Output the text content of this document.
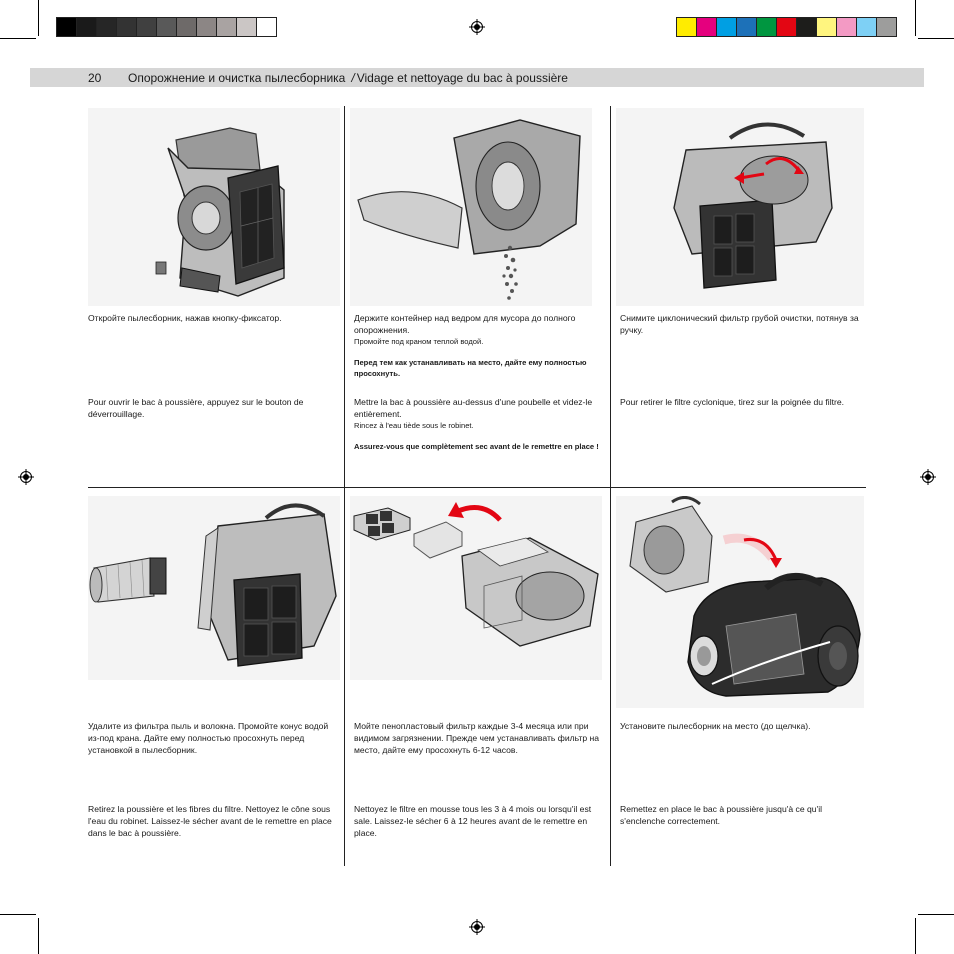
20 Опорожнение и очистка пылесборника / Vidage et nettoyage du bac à poussière

Откройте пылесборник, нажав кнопку-фиксатор.

Pour ouvrir le bac à poussière, appuyez sur le bouton de déverrouillage.

Держите контейнер над ведром для мусора до полного опорожнения.

Промойте под краном теплой водой.

Перед тем как устанавливать на место, дайте ему полностью просохнуть.

Mettre la bac à poussière au-dessus d'une poubelle et videz-le entièrement.

Rincez à l'eau tiède sous le robinet.

Assurez-vous que complètement sec avant de le remettre en place !

Снимите циклонический фильтр грубой очистки, потянув за ручку.

Pour retirer le filtre cyclonique, tirez sur la poignée du filtre.

Удалите из фильтра пыль и волокна. Промойте конус водой из-под крана. Дайте ему полностью просохнуть перед установкой в пылесборник.

Retirez la poussière et les fibres du filtre. Nettoyez le cône sous l'eau du robinet. Laissez-le sécher avant de le remettre en place dans le bac à poussière.

Мойте пенопластовый фильтр каждые 3-4 месяца или при видимом загрязнении. Прежде чем устанавливать фильтр на место, дайте ему просохнуть 6-12 часов.

Nettoyez le filtre en mousse tous les 3 à 4 mois ou lorsqu'il est sale. Laissez-le sécher 6 à 12 heures avant de le remettre en place.

Установите пылесборник на место (до щелчка).

Remettez en place le bac à poussière jusqu'à ce qu'il s'enclenche correctement.
